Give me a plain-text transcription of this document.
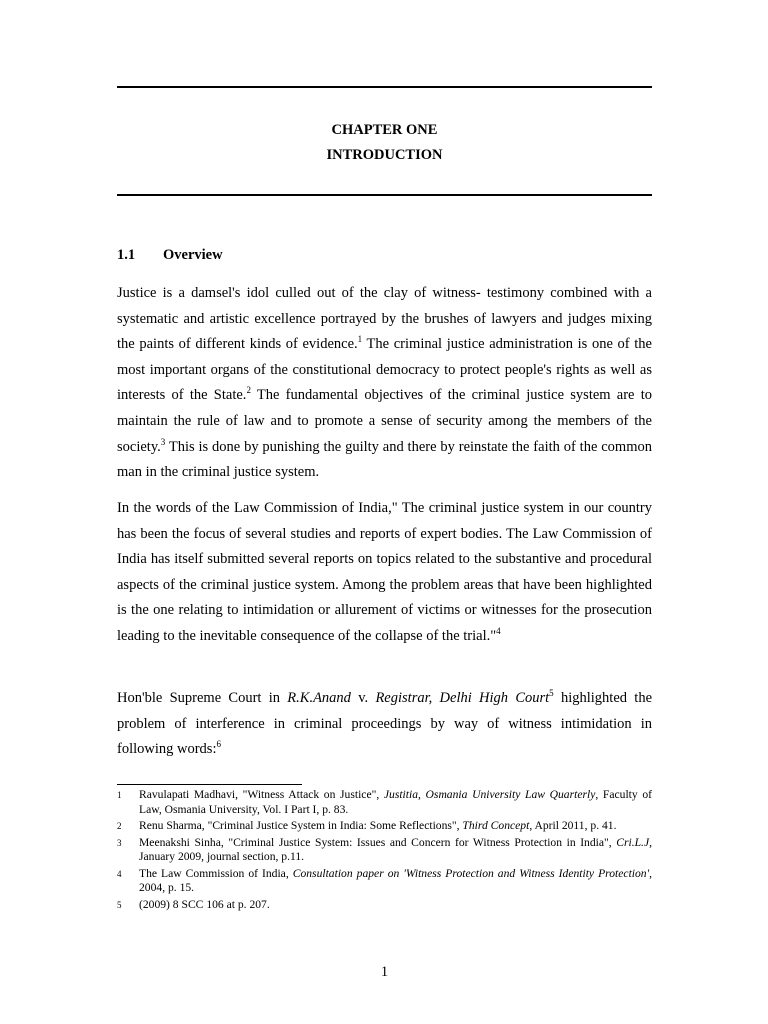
CHAPTER ONE
INTRODUCTION
1.1 Overview

Justice is a damsel's idol culled out of the clay of witness- testimony combined with a systematic and artistic excellence portrayed by the brushes of lawyers and judges mixing the paints of different kinds of evidence.$^1$ The criminal justice administration is one of the most important organs of the constitutional democracy to protect people's rights as well as interests of the State.$^2$ The fundamental objectives of the criminal justice system are to maintain the rule of law and to promote a sense of security among the members of the society.$^3$ This is done by punishing the guilty and there by reinstate the faith of the common man in the criminal justice system.

In the words of the Law Commission of India," The criminal justice system in our country has been the focus of several studies and reports of expert bodies. The Law Commission of India has itself submitted several reports on topics related to the substantive and procedural aspects of the criminal justice system. Among the problem areas that have been highlighted is the one relating to intimidation or allurement of victims or witnesses for the prosecution leading to the inevitable consequence of the collapse of the trial."$^4$

Hon'ble Supreme Court in R.K.Anand v. Registrar, Delhi High Court$^5$ highlighted the problem of interference in criminal proceedings by way of witness intimidation in following words:$^6$

1	Ravulapati Madhavi, "Witness Attack on Justice", Justitia, Osmania University Law Quarterly, Faculty of Law, Osmania University, Vol. I Part I, p. 83.
2	Renu Sharma, "Criminal Justice System in India: Some Reflections", Third Concept, April 2011, p. 41.
3	Meenakshi Sinha, "Criminal Justice System: Issues and Concern for Witness Protection in India", Cri.L.J, January 2009, journal section, p.11.
4	The Law Commission of India, Consultation paper on 'Witness Protection and Witness Identity Protection', 2004, p. 15.
5	(2009) 8 SCC 106 at p. 207.
1
